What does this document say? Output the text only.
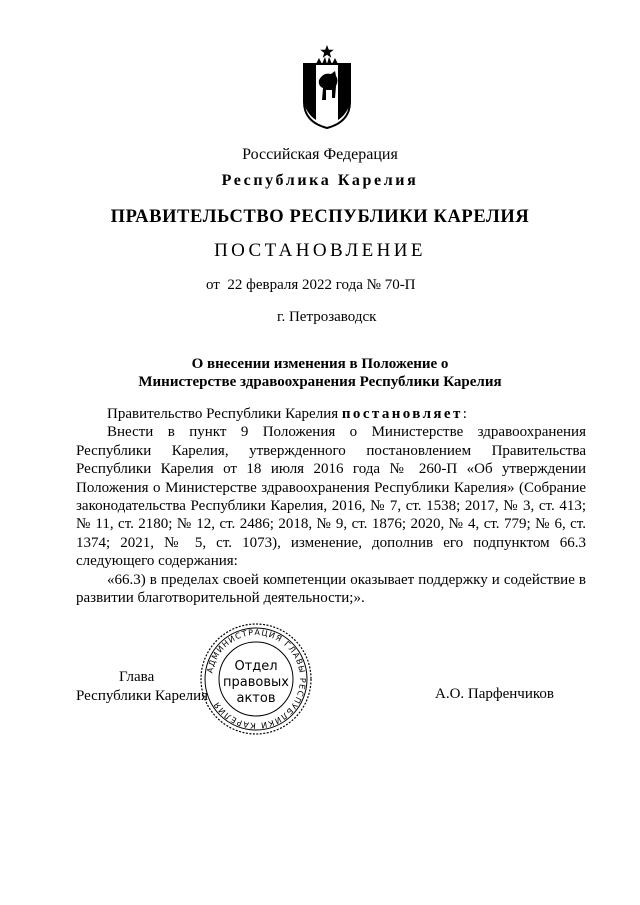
Российская Федерация
Республика Карелия
ПРАВИТЕЛЬСТВО РЕСПУБЛИКИ КАРЕЛИЯ
ПОСТАНОВЛЕНИЕ
от  22 февраля 2022 года № 70-П
г. Петрозаводск
О внесении изменения в Положение о
Министерстве здравоохранения Республики Карелия

Правительство Республики Карелия постановляет:

Внести в пункт 9 Положения о Министерстве здравоохранения Республики Карелия, утвержденного постановлением Правительства Республики Карелия от 18 июля 2016 года № 260-П «Об утверждении Положения о Министерстве здравоохранения Республики Карелия» (Собрание законодательства Республики Карелия, 2016, № 7, ст. 1538; 2017, № 3, ст. 413; № 11, ст. 2180; № 12, ст. 2486; 2018, № 9, ст. 1876; 2020, № 4, ст. 779; № 6, ст. 1374; 2021, № 5, ст. 1073), изменение, дополнив его подпунктом 66.3 следующего содержания:

«66.3) в пределах своей компетенции оказывает поддержку и содействие в развитии благотворительной деятельности;».

Глава
Республики Карелия	А.О. Парфенчиков
АДМИНИСТРАЦИЯ ГЛАВЫ РЕСПУБЛИКИ КАРЕЛИЯ
Отдел
правовых
актов
